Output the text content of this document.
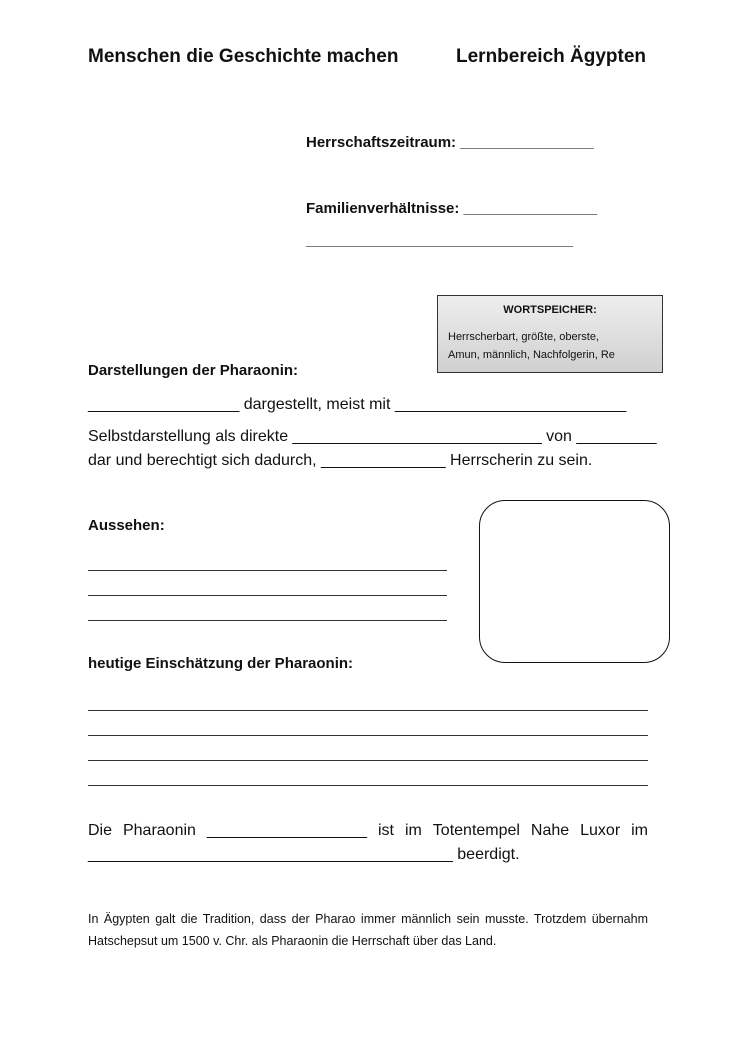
Menschen die Geschichte machen	Lernbereich Ägypten
Herrschaftszeitraum: ________________
Familienverhältnisse: ________________
________________________________
WORTSPEICHER:
Herrscherbart, größte, oberste,
Amun, männlich, Nachfolgerin, Re
Darstellungen der Pharaonin:
_________________ dargestellt, meist mit __________________________
Selbstdarstellung als direkte ____________________________ von _________
dar und berechtigt sich dadurch, ______________ Herrscherin zu sein.
Aussehen:
heutige Einschätzung der Pharaonin:
Die Pharaonin __________________ ist im Totentempel Nahe Luxor im
_________________________________________ beerdigt.
In Ägypten galt die Tradition, dass der Pharao immer männlich sein musste. Trotzdem übernahm Hatschepsut um 1500 v. Chr. als Pharaonin die Herrschaft über das Land.
